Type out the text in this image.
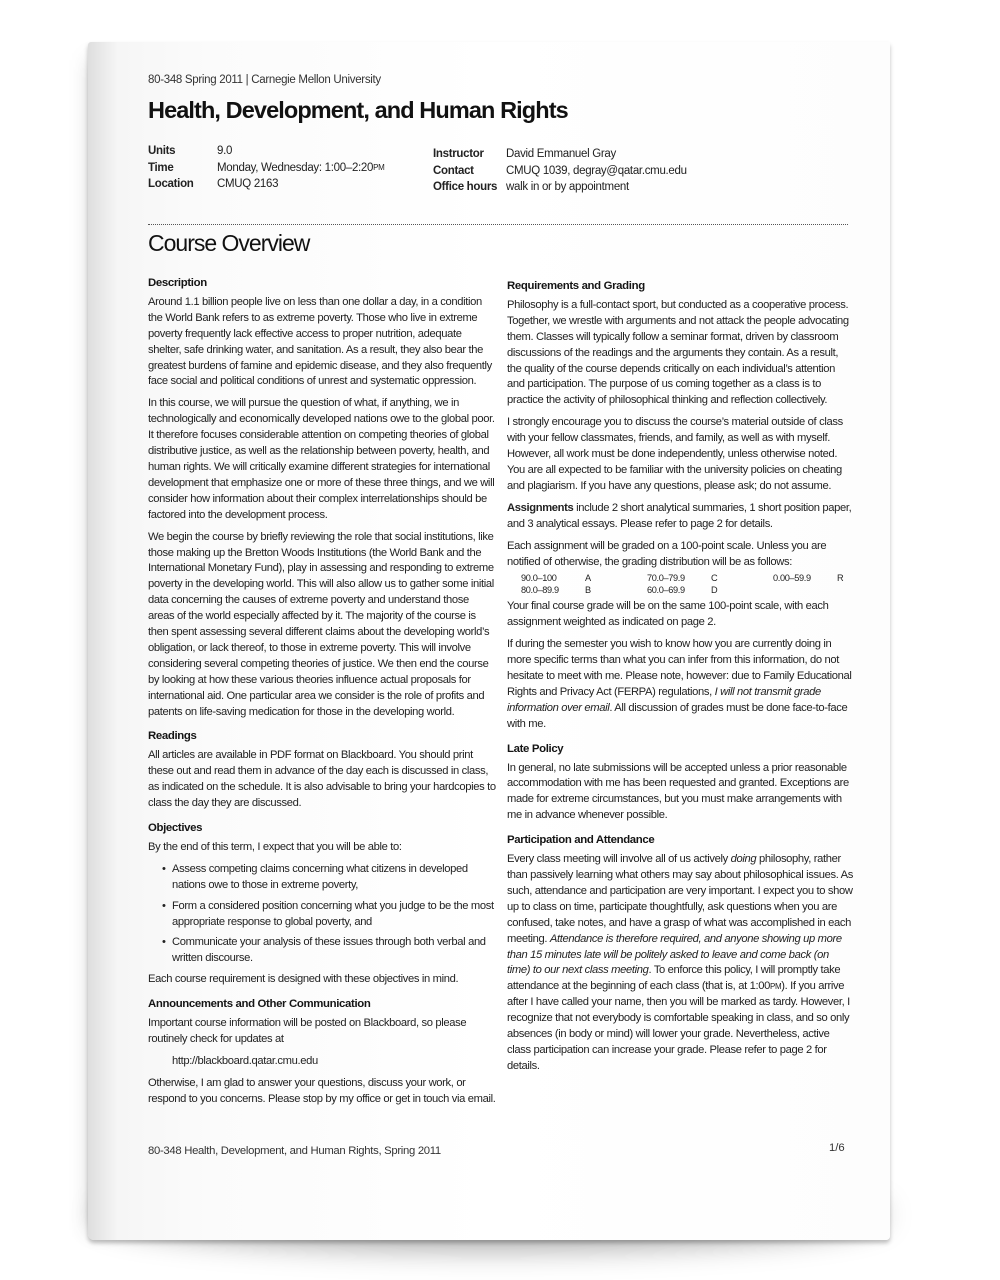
80-348 Spring 2011 | Carnegie Mellon University
Health, Development, and Human Rights
Units	9.0
Time	Monday, Wednesday: 1:00–2:20 PM
Location	CMUQ 2163
Instructor	David Emmanuel Gray
Contact	CMUQ 1039, degray@qatar.cmu.edu
Office hours walk in or by appointment
Course Overview
Description
Around 1.1 billion people live on less than one dollar a day, in a condition the World Bank refers to as extreme poverty. Those who live in extreme poverty frequently lack effective access to proper nutrition, adequate shelter, safe drinking water, and sanitation. As a result, they also bear the greatest burdens of famine and epidemic disease, and they also frequently face social and political conditions of unrest and systematic oppression.
In this course, we will pursue the question of what, if anything, we in technologically and economically developed nations owe to the global poor. It therefore focuses considerable attention on competing theories of global distributive justice, as well as the relationship between poverty, health, and human rights. We will critically examine different strategies for international development that emphasize one or more of these three things, and we will consider how information about their complex interrelationships should be factored into the development process.
We begin the course by briefly reviewing the role that social institutions, like those making up the Bretton Woods Institutions (the World Bank and the International Monetary Fund), play in assessing and responding to extreme poverty in the developing world. This will also allow us to gather some initial data concerning the causes of extreme poverty and understand those areas of the world especially affected by it. The majority of the course is then spent assessing several different claims about the developing world’s obligation, or lack thereof, to those in extreme poverty. This will involve considering several competing theories of justice. We then end the course by looking at how these various theories influence actual proposals for international aid. One particular area we consider is the role of profits and patents on life-saving medication for those in the developing world.
Readings
All articles are available in PDF format on Blackboard. You should print these out and read them in advance of the day each is discussed in class, as indicated on the schedule. It is also advisable to bring your hardcopies to class the day they are discussed.
Objectives
By the end of this term, I expect that you will be able to:
• Assess competing claims concerning what citizens in developed nations owe to those in extreme poverty,
• Form a considered position concerning what you judge to be the most appropriate response to global poverty, and
• Communicate your analysis of these issues through both verbal and written discourse.
Each course requirement is designed with these objectives in mind.
Announcements and Other Communication
Important course information will be posted on Blackboard, so please routinely check for updates at
http://blackboard.qatar.cmu.edu
Otherwise, I am glad to answer your questions, discuss your work, or respond to you concerns. Please stop by my office or get in touch via email.
Requirements and Grading
Philosophy is a full-contact sport, but conducted as a cooperative process. Together, we wrestle with arguments and not attack the people advocating them. Classes will typically follow a seminar format, driven by classroom discussions of the readings and the arguments they contain. As a result, the quality of the course depends critically on each individual’s attention and participation. The purpose of us coming together as a class is to practice the activity of philosophical thinking and reflection collectively.
I strongly encourage you to discuss the course’s material outside of class with your fellow classmates, friends, and family, as well as with myself. However, all work must be done independently, unless otherwise noted. You are all expected to be familiar with the university policies on cheating and plagiarism. If you have any questions, please ask; do not assume.
Assignments include 2 short analytical summaries, 1 short position paper, and 3 analytical essays. Please refer to page 2 for details.
Each assignment will be graded on a 100-point scale. Unless you are notified of otherwise, the grading distribution will be as follows:
90.0–100	A	70.0–79.9	C	0.00–59.9	R
80.0–89.9	B	60.0–69.9	D
Your final course grade will be on the same 100-point scale, with each assignment weighted as indicated on page 2.
If during the semester you wish to know how you are currently doing in more specific terms than what you can infer from this information, do not hesitate to meet with me. Please note, however: due to Family Educational Rights and Privacy Act (FERPA) regulations, I will not transmit grade information over email. All discussion of grades must be done face-to-face with me.
Late Policy
In general, no late submissions will be accepted unless a prior reasonable accommodation with me has been requested and granted. Exceptions are made for extreme circumstances, but you must make arrangements with me in advance whenever possible.
Participation and Attendance
Every class meeting will involve all of us actively doing philosophy, rather than passively learning what others may say about philosophical issues. As such, attendance and participation are very important. I expect you to show up to class on time, participate thoughtfully, ask questions when you are confused, take notes, and have a grasp of what was accomplished in each meeting. Attendance is therefore required, and anyone showing up more than 15 minutes late will be politely asked to leave and come back (on time) to our next class meeting. To enforce this policy, I will promptly take attendance at the beginning of each class (that is, at 1:00PM). If you arrive after I have called your name, then you will be marked as tardy. However, I recognize that not everybody is comfortable speaking in class, and so only absences (in body or mind) will lower your grade. Nevertheless, active class participation can increase your grade. Please refer to page 2 for details.
80-348 Health, Development, and Human Rights, Spring 2011	1/6
